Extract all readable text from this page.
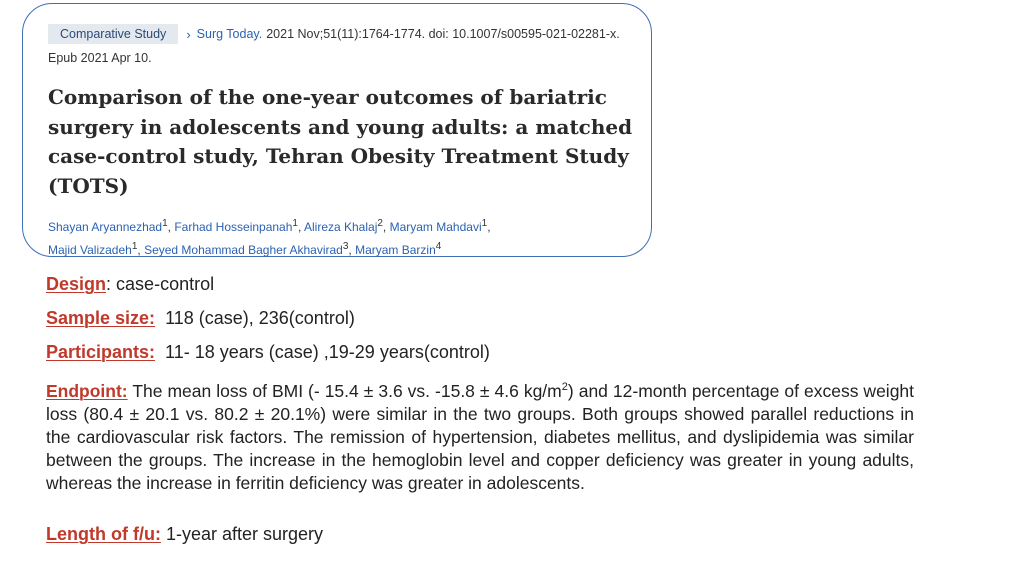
Comparative Study	› Surg Today. 2021 Nov;51(11):1764-1774. doi: 10.1007/s00595-021-02281-x.
Epub 2021 Apr 10.
Comparison of the one-year outcomes of bariatric surgery in adolescents and young adults: a matched case-control study, Tehran Obesity Treatment Study (TOTS)
Shayan Aryannezhad$^1$, Farhad Hosseinpanah$^1$, Alireza Khalaj$^2$, Maryam Mahdavi$^1$,
Majid Valizadeh$^1$, Seyed Mohammad Bagher Akhavirad$^3$, Maryam Barzin$^4$

Design: case-control

Sample size: 118 (case), 236(control)

Participants: 11- 18 years (case) ,19-29 years(control)

Endpoint: The mean loss of BMI (- 15.4 ± 3.6 vs. -15.8 ± 4.6 $kg/m^2$) and 12-month percentage of excess weight loss (80.4 ± 20.1 vs. 80.2 ± 20.1%) were similar in the two groups. Both groups showed parallel reductions in the cardiovascular risk factors. The remission of hypertension, diabetes mellitus, and dyslipidemia was similar between the groups. The increase in the hemoglobin level and copper deficiency was greater in young adults, whereas the increase in ferritin deficiency was greater in adolescents.

Length of f/u: 1-year after surgery
